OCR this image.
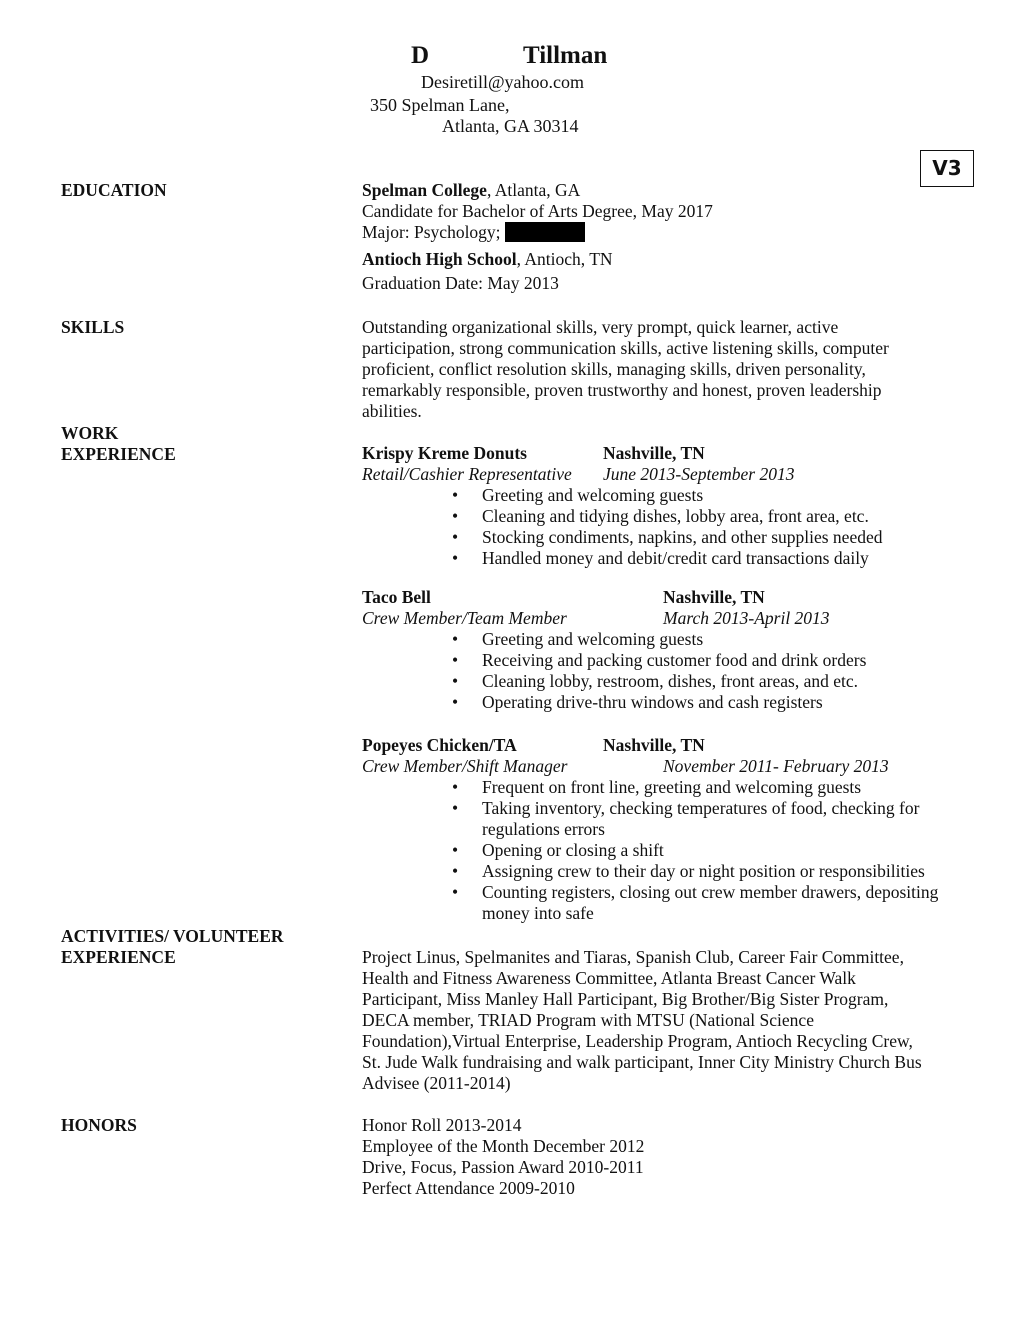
D	Tillman
Desiretill@yahoo.com
350 Spelman Lane,
Atlanta, GA 30314
V3
EDUCATION	Spelman College, Atlanta, GA
Candidate for Bachelor of Arts Degree, May 2017
Major: Psychology;
Antioch High School, Antioch, TN
Graduation Date: May 2013
SKILLS	Outstanding organizational skills, very prompt, quick learner, active
participation, strong communication skills, active listening skills, computer
proficient, conflict resolution skills, managing skills, driven personality,
remarkably responsible, proven trustworthy and honest, proven leadership
abilities.
WORK
EXPERIENCE	Krispy Kreme Donuts	Nashville, TN
Retail/Cashier Representative June 2013-September 2013
• Greeting and welcoming guests
• Cleaning and tidying dishes, lobby area, front area, etc.
• Stocking condiments, napkins, and other supplies needed
• Handled money and debit/credit card transactions daily
Taco Bell	Nashville, TN
Crew Member/Team Member	March 2013-April 2013
• Greeting and welcoming guests
• Receiving and packing customer food and drink orders
• Cleaning lobby, restroom, dishes, front areas, and etc.
• Operating drive-thru windows and cash registers
Popeyes Chicken/TA	Nashville, TN
Crew Member/Shift Manager	November 2011- February 2013
• Frequent on front line, greeting and welcoming guests
• Taking inventory, checking temperatures of food, checking for regulations errors
• Opening or closing a shift
• Assigning crew to their day or night position or responsibilities
• Counting registers, closing out crew member drawers, depositing money into safe
ACTIVITIES/ VOLUNTEER
EXPERIENCE	Project Linus, Spelmanites and Tiaras, Spanish Club, Career Fair Committee,
Health and Fitness Awareness Committee, Atlanta Breast Cancer Walk
Participant, Miss Manley Hall Participant, Big Brother/Big Sister Program,
DECA member, TRIAD Program with MTSU (National Science
Foundation),Virtual Enterprise, Leadership Program, Antioch Recycling Crew,
St. Jude Walk fundraising and walk participant, Inner City Ministry Church Bus
Advisee (2011-2014)
HONORS	Honor Roll 2013-2014
Employee of the Month December 2012
Drive, Focus, Passion Award 2010-2011
Perfect Attendance 2009-2010
